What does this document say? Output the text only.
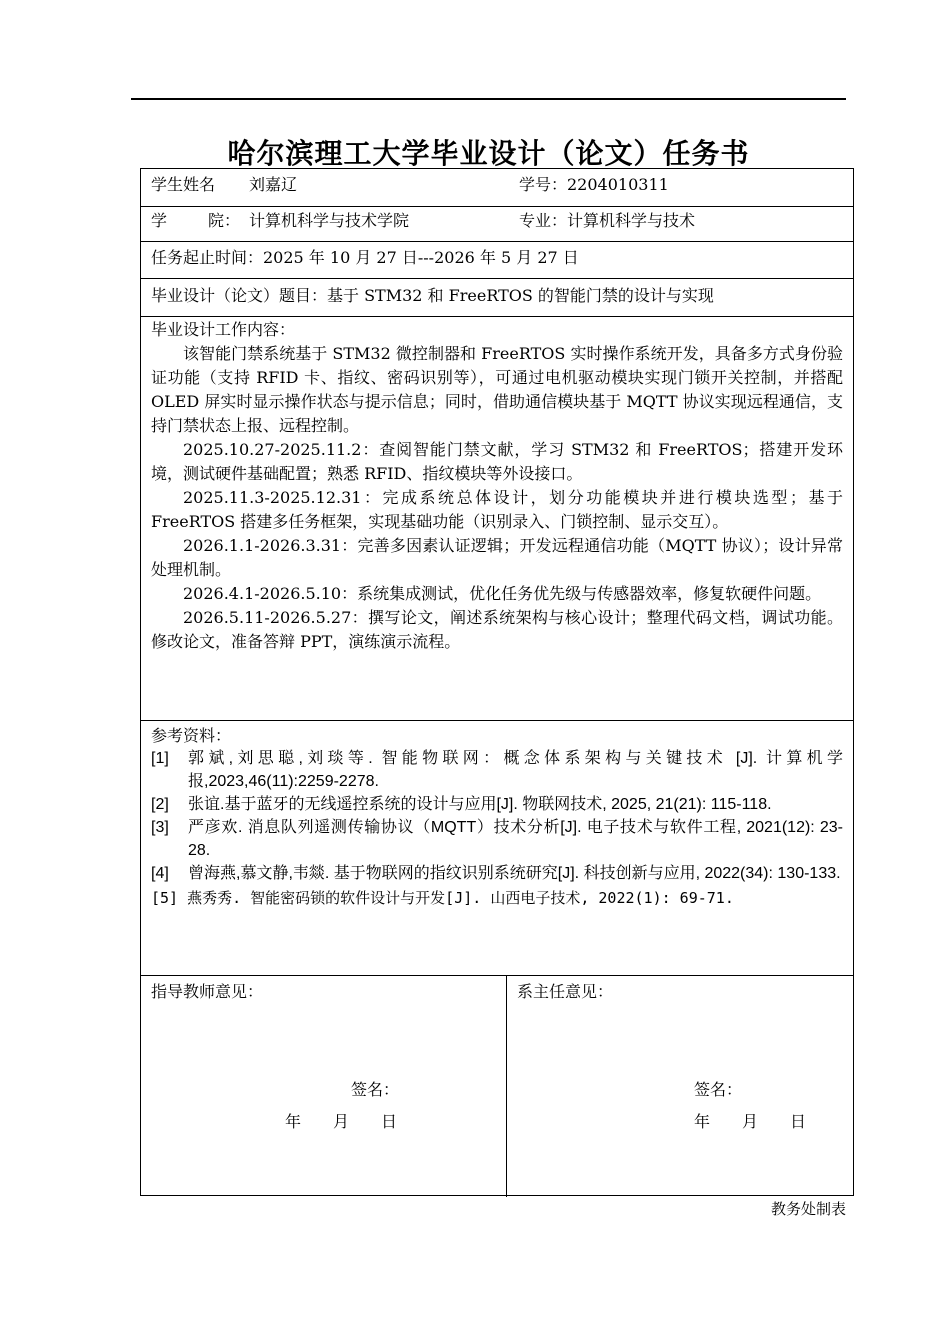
哈尔滨理工大学毕业设计（论文）任务书
学生姓名 刘嘉辽	学号： 2204010311
学	院： 计算机科学与技术学院	专业： 计算机科学与技术
任务起止时间：2025 年 10 月 27 日---2026 年 5 月 27 日
毕业设计（论文）题目：基于 STM32 和 FreeRTOS 的智能门禁的设计与实现

毕业设计工作内容：

该智能门禁系统基于 STM32 微控制器和 FreeRTOS 实时操作系统开发，具备多方式身份验证功能（支持 RFID 卡、指纹、密码识别等），可通过电机驱动模块实现门锁开关控制，并搭配 OLED 屏实时显示操作状态与提示信息；同时，借助通信模块基于 MQTT 协议实现远程通信，支持门禁状态上报、远程控制。

2025.10.27-2025.11.2：查阅智能门禁文献，学习 STM32 和 FreeRTOS；搭建开发环境，测试硬件基础配置；熟悉 RFID、指纹模块等外设接口。

2025.11.3-2025.12.31：完成系统总体设计，划分功能模块并进行模块选型；基于 FreeRTOS 搭建多任务框架，实现基础功能（识别录入、门锁控制、显示交互）。

2026.1.1-2026.3.31：完善多因素认证逻辑；开发远程通信功能（MQTT 协议）；设计异常处理机制。

2026.4.1-2026.5.10：系统集成测试，优化任务优先级与传感器效率，修复软硬件问题。

2026.5.11-2026.5.27：撰写论文，阐述系统架构与核心设计；整理代码文档，调试功能。修改论文，准备答辩 PPT，演练演示流程。

参考资料：
[1] 郭斌,刘思聪,刘琰等. 智能物联网：概念体系架构与关键技术 [J]. 计算机学报,2023,46(11):2259-2278.
[2] 张谊.基于蓝牙的无线遥控系统的设计与应用[J]. 物联网技术, 2025, 21(21): 115-118.
[3] 严彦欢. 消息队列遥测传输协议（MQTT）技术分析[J]. 电子技术与软件工程, 2021(12): 23-28.
[4] 曾海燕,慕文静,韦燚. 基于物联网的指纹识别系统研究[J]. 科技创新与应用, 2022(34): 130-133.
[5] 燕秀秀. 智能密码锁的软件设计与开发[J]. 山西电子技术, 2022(1): 69-71.
指导教师意见：
签名：
年　　月　　日
系主任意见：
签名：
年　　月　　日
教务处制表
